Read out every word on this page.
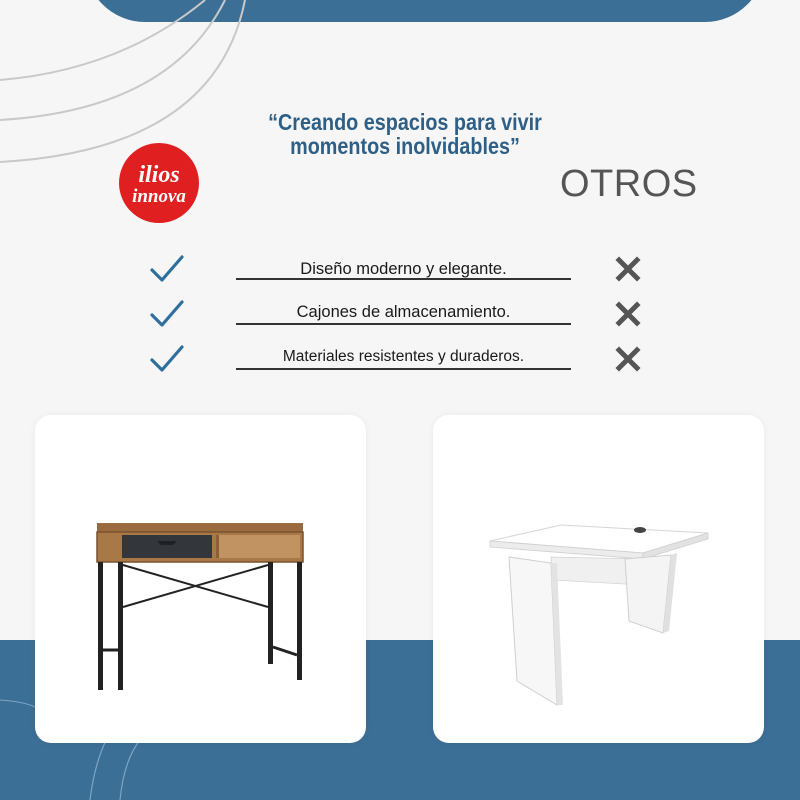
“Creando espacios para vivir
momentos inolvidables”
ilios
innova	OTROS
Diseño moderno y elegante.
Cajones de almacenamiento.
Materiales resistentes y duraderos.
